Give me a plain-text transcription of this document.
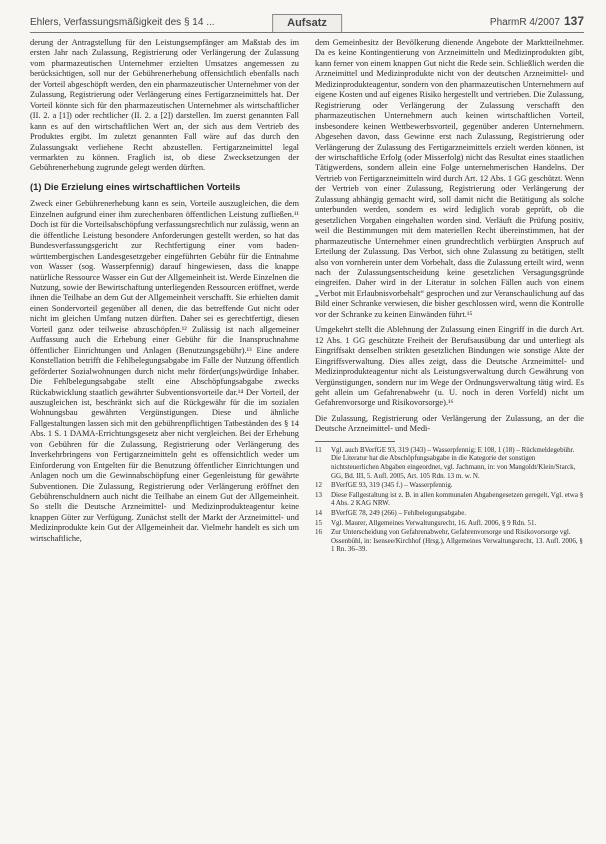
Ehlers, Verfassungsmäßigkeit des § 14 ...	Aufsatz	PharmR 4/2007 137

derung der Antragstellung für den Leistungsempfänger am Maßstab des im ersten Jahr nach Zulassung, Registrierung oder Verlängerung der Zulassung vom pharmazeutischen Unternehmer erzielten Umsatzes angemessen zu berücksichtigen, soll nur der Gebührenerhebung offensichtlich ebenfalls nach der Vorteil abgeschöpft werden, den ein pharmazeutischer Unternehmer von der Zulassung, Registrierung oder Verlängerung eines Fertigarzneimittels hat. Der Vorteil könnte sich für den pharmazeutischen Unternehmer als wirtschaftlicher (II. 2. a [1]) oder rechtlicher (II. 2. a [2]) darstellen. Im zuerst genannten Fall kann es auf den wirtschaftlichen Wert an, der sich aus dem Vertrieb des Produktes ergibt. Im zuletzt genannten Fall wäre auf das durch den Zulassungsakt verliehene Recht abzustellen. Fertigarzneimittel legal vermarkten zu können. Fraglich ist, ob diese Zwecksetzungen der Gebührenerhebung zugrunde gelegt werden dürften.

(1) Die Erzielung eines wirtschaftlichen Vorteils

Zweck einer Gebührenerhebung kann es sein, Vorteile auszugleichen, die dem Einzelnen aufgrund einer ihm zurechenbaren öffentlichen Leistung zufließen.¹¹ Doch ist für die Vorteilsabschöpfung verfassungsrechtlich nur zulässig, wenn an die öffentliche Leistung besondere Anforderungen gestellt werden, so hat das Bundesverfassungsgericht zur Rechtfertigung einer vom baden-württembergischen Landesgesetzgeber eingeführten Gebühr für die Entnahme von Wasser (sog. Wasserpfennig) darauf hingewiesen, dass die knappe natürliche Ressource Wasser ein Gut der Allgemeinheit ist. Werde Einzelnen die Nutzung, sowie der Bewirtschaftung unterliegenden Ressourcen eröffnet, werde ihnen die Teilhabe an dem Gut der Allgemeinheit verschafft. Sie erhielten damit einen Sondervorteil gegenüber all denen, die das betreffende Gut nicht oder nicht im gleichen Umfang nutzen dürften. Daher sei es gerechtfertigt, diesen Vorteil ganz oder teilweise abzuschöpfen.¹² Zulässig ist nach allgemeiner Auffassung auch die Erhebung einer Gebühr für die Inanspruchnahme öffentlicher Einrichtungen und Anlagen (Benutzungsgebühr).¹³ Eine andere Konstellation betrifft die Fehlbelegungsabgabe im Falle der Nutzung öffentlich geförderter Sozialwohnungen durch nicht mehr förder(ungs)würdige Inhaber. Die Fehlbelegungsabgabe stellt eine Abschöpfungsabgabe zwecks Rückabwicklung staatlich gewährter Subventionsvorteile dar.¹⁴ Der Vorteil, der auszugleichen ist, beschränkt sich auf die Rückgewähr für die im sozialen Wohnungsbau gewährten Vergünstigungen. Diese und ähnliche Fallgestaltungen lassen sich mit den gebührenpflichtigen Tatbeständen des § 14 Abs. 1 S. 1 DAMA-Errichtungsgesetz aber nicht vergleichen. Bei der Erhebung von Gebühren für die Zulassung, Registrierung oder Verlängerung des Inverkehrbringens von Fertigarzneimitteln geht es offensichtlich weder um Einforderung von Entgelten für die Benutzung öffentlicher Einrichtungen und Anlagen noch um die Gewinnabschöpfung einer Gegenleistung für gewährte Subventionen. Die Zulassung, Registrierung oder Verlängerung eröffnet den Gebührenschuldnern auch nicht die Teilhabe an einem Gut der Allgemeinheit. So stellt die Deutsche Arzneimittel- und Medizinprodukteagentur keine knappen Güter zur Verfügung. Zunächst stellt der Markt der Arzneimittel- und Medizinprodukte kein Gut der Allgemeinheit dar. Vielmehr handelt es sich um wirtschaftliche,

dem Gemeinbesitz der Bevölkerung dienende Angebote der Marktteilnehmer. Da es keine Kontingentierung von Arzneimitteln und Medizinprodukten gibt, kann ferner von einem knappen Gut nicht die Rede sein. Schließlich werden die Arzneimittel und Medizinprodukte nicht von der deutschen Arzneimittel- und Medizinprodukteagentur, sondern von den pharmazeutischen Unternehmern auf eigene Kosten und auf eigenes Risiko hergestellt und vertrieben. Die Zulassung, Registrierung oder Verlängerung der Zulassung verschafft den pharmazeutischen Unternehmern auch keinen wirtschaftlichen Vorteil, insbesondere keinen Wettbewerbsvorteil, gegenüber anderen Unternehmern. Abgesehen davon, dass Gewinne erst nach Zulassung, Registrierung oder Verlängerung der Zulassung des Fertigarzneimittels erzielt werden können, ist der wirtschaftliche Erfolg (oder Misserfolg) nicht das Resultat eines staatlichen Tätigwerdens, sondern allein eine Folge unternehmerischen Handelns. Der Vertrieb von Fertigarzneimitteln wird durch Art. 12 Abs. 1 GG geschützt. Wenn der Vertrieb von einer Zulassung, Registrierung oder Verlängerung der Zulassung abhängig gemacht wird, soll damit nicht die Betätigung als solche unterbunden werden, sondern es wird lediglich vorab geprüft, ob die gesetzlichen Vorgaben eingehalten worden sind. Verläuft die Prüfung positiv, weil die Bestimmungen mit dem materiellen Recht übereinstimmen, hat der pharmazeutische Unternehmer einen grundrechtlich verbürgten Anspruch auf Erteilung der Zulassung. Das Verbot, sich ohne Zulassung zu betätigen, stellt also von vornherein unter dem Vorbehalt, dass die Zulassung erteilt wird, wenn nach der Zulassungsentscheidung keine gesetzlichen Versagungsgründe eingreifen. Daher wird in der Literatur in solchen Fällen auch von einem „Verbot mit Erlaubnisvorbehalt“ gesprochen und zur Veranschaulichung auf das Bild einer Schranke verwiesen, die bisher geschlossen wird, wenn die Kontrolle vor der Schranke zu keinen Einwänden führt.¹⁵

Umgekehrt stellt die Ablehnung der Zulassung einen Eingriff in die durch Art. 12 Abs. 1 GG geschützte Freiheit der Berufsausübung dar und unterliegt als Eingriffsakt denselben strikten gesetzlichen Bindungen wie sonstige Akte der Eingriffsverwaltung. Dies alles zeigt, dass die Deutsche Arzneimittel- und Medizinprodukteagentur nicht als Leistungsverwaltung durch Gewährung von Vergünstigungen, sondern nur im Wege der Ordnungsverwaltung tätig wird. Es geht allein um Gefahrenabwehr (u. U. noch in deren Vorfeld) nicht um Gefahrenvorsorge und Risikovorsorge).¹⁶

Die Zulassung, Registrierung oder Verlängerung der Zulassung, an der die Deutsche Arzneimittel- und Medi-

11	Vgl. auch BVerfGE 93, 319 (343) – Wasserpfennig; E 108, 1 (18) – Rückmeldegebühr. Die Literatur hat die Abschöpfungsabgabe in die Kategorie der sonstigen nichtsteuerlichen Abgaben eingeordnet, vgl. Jachmann, in: von Mangoldt/Klein/Starck, GG, Bd. III, 5. Aufl. 2005, Art. 105 Rdn. 13 m. w. N.
12	BVerfGE 93, 319 (345 f.) – Wasserpfennig.
13	Diese Fallgestaltung ist z. B. in allen kommunalen Abgabengesetzen geregelt, Vgl. etwa § 4 Abs. 2 KAG NRW.
14	BVerfGE 78, 249 (266) – Fehlbelegungsabgabe.
15	Vgl. Maurer, Allgemeines Verwaltungsrecht, 16. Aufl. 2006, § 9 Rdn. 51.
16	Zur Unterscheidung von Gefahrenabwehr, Gefahrenvorsorge und Risikovorsorge vgl. Ossenbühl, in: Isensee/Kirchhof (Hrsg.), Allgemeines Verwaltungsrecht, 13. Aufl. 2006, § 1 Rn. 36–39.
